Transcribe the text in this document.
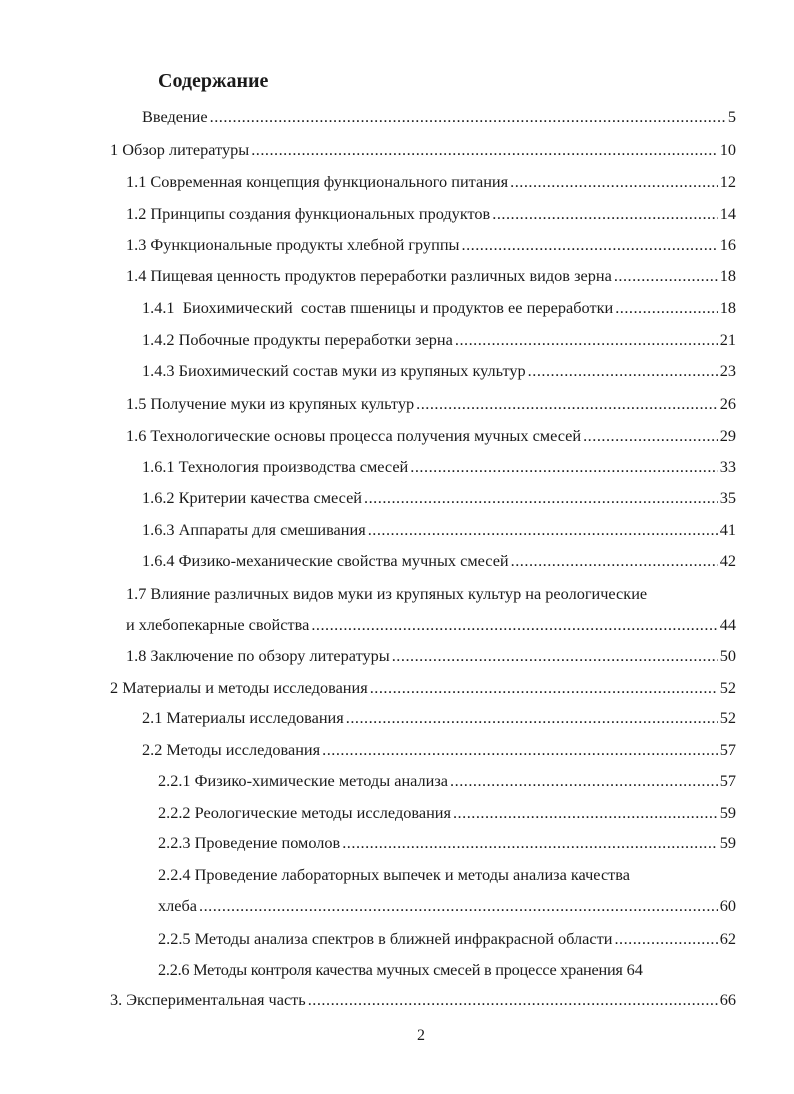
Содержание
Введение .....	5
1 Обзор литературы .....	10
1.1 Современная концепция функционального питания .....	12
1.2 Принципы создания функциональных продуктов .....	14
1.3 Функциональные продукты хлебной группы .....	16
1.4 Пищевая ценность продуктов переработки различных видов зерна .....	18
1.4.1  Биохимический  состав пшеницы и продуктов ее переработки .....	18
1.4.2 Побочные продукты переработки зерна .....	21
1.4.3 Биохимический состав муки из крупяных культур .....	23
1.5 Получение муки из крупяных культур .....	26
1.6 Технологические основы процесса получения мучных смесей .....	29
1.6.1 Технология производства смесей .....	33
1.6.2 Критерии качества смесей .....	35
1.6.3 Аппараты для смешивания .....	41
1.6.4 Физико-механические свойства мучных смесей .....	42
1.7 Влияние различных видов муки из крупяных культур на реологические
и хлебопекарные свойства .....	44
1.8 Заключение по обзору литературы .....	50
2 Материалы и методы исследования .....	52
2.1 Материалы исследования .....	52
2.2 Методы исследования .....	57
2.2.1 Физико-химические методы анализа .....	57
2.2.2 Реологические методы исследования .....	59
2.2.3 Проведение помолов .....	59
2.2.4 Проведение лабораторных выпечек и методы анализа качества
хлеба .....	60
2.2.5 Методы анализа спектров в ближней инфракрасной области .....	62
2.2.6 Методы контроля качества мучных смесей в процессе хранения 64
3. Экспериментальная часть .....	66
2
